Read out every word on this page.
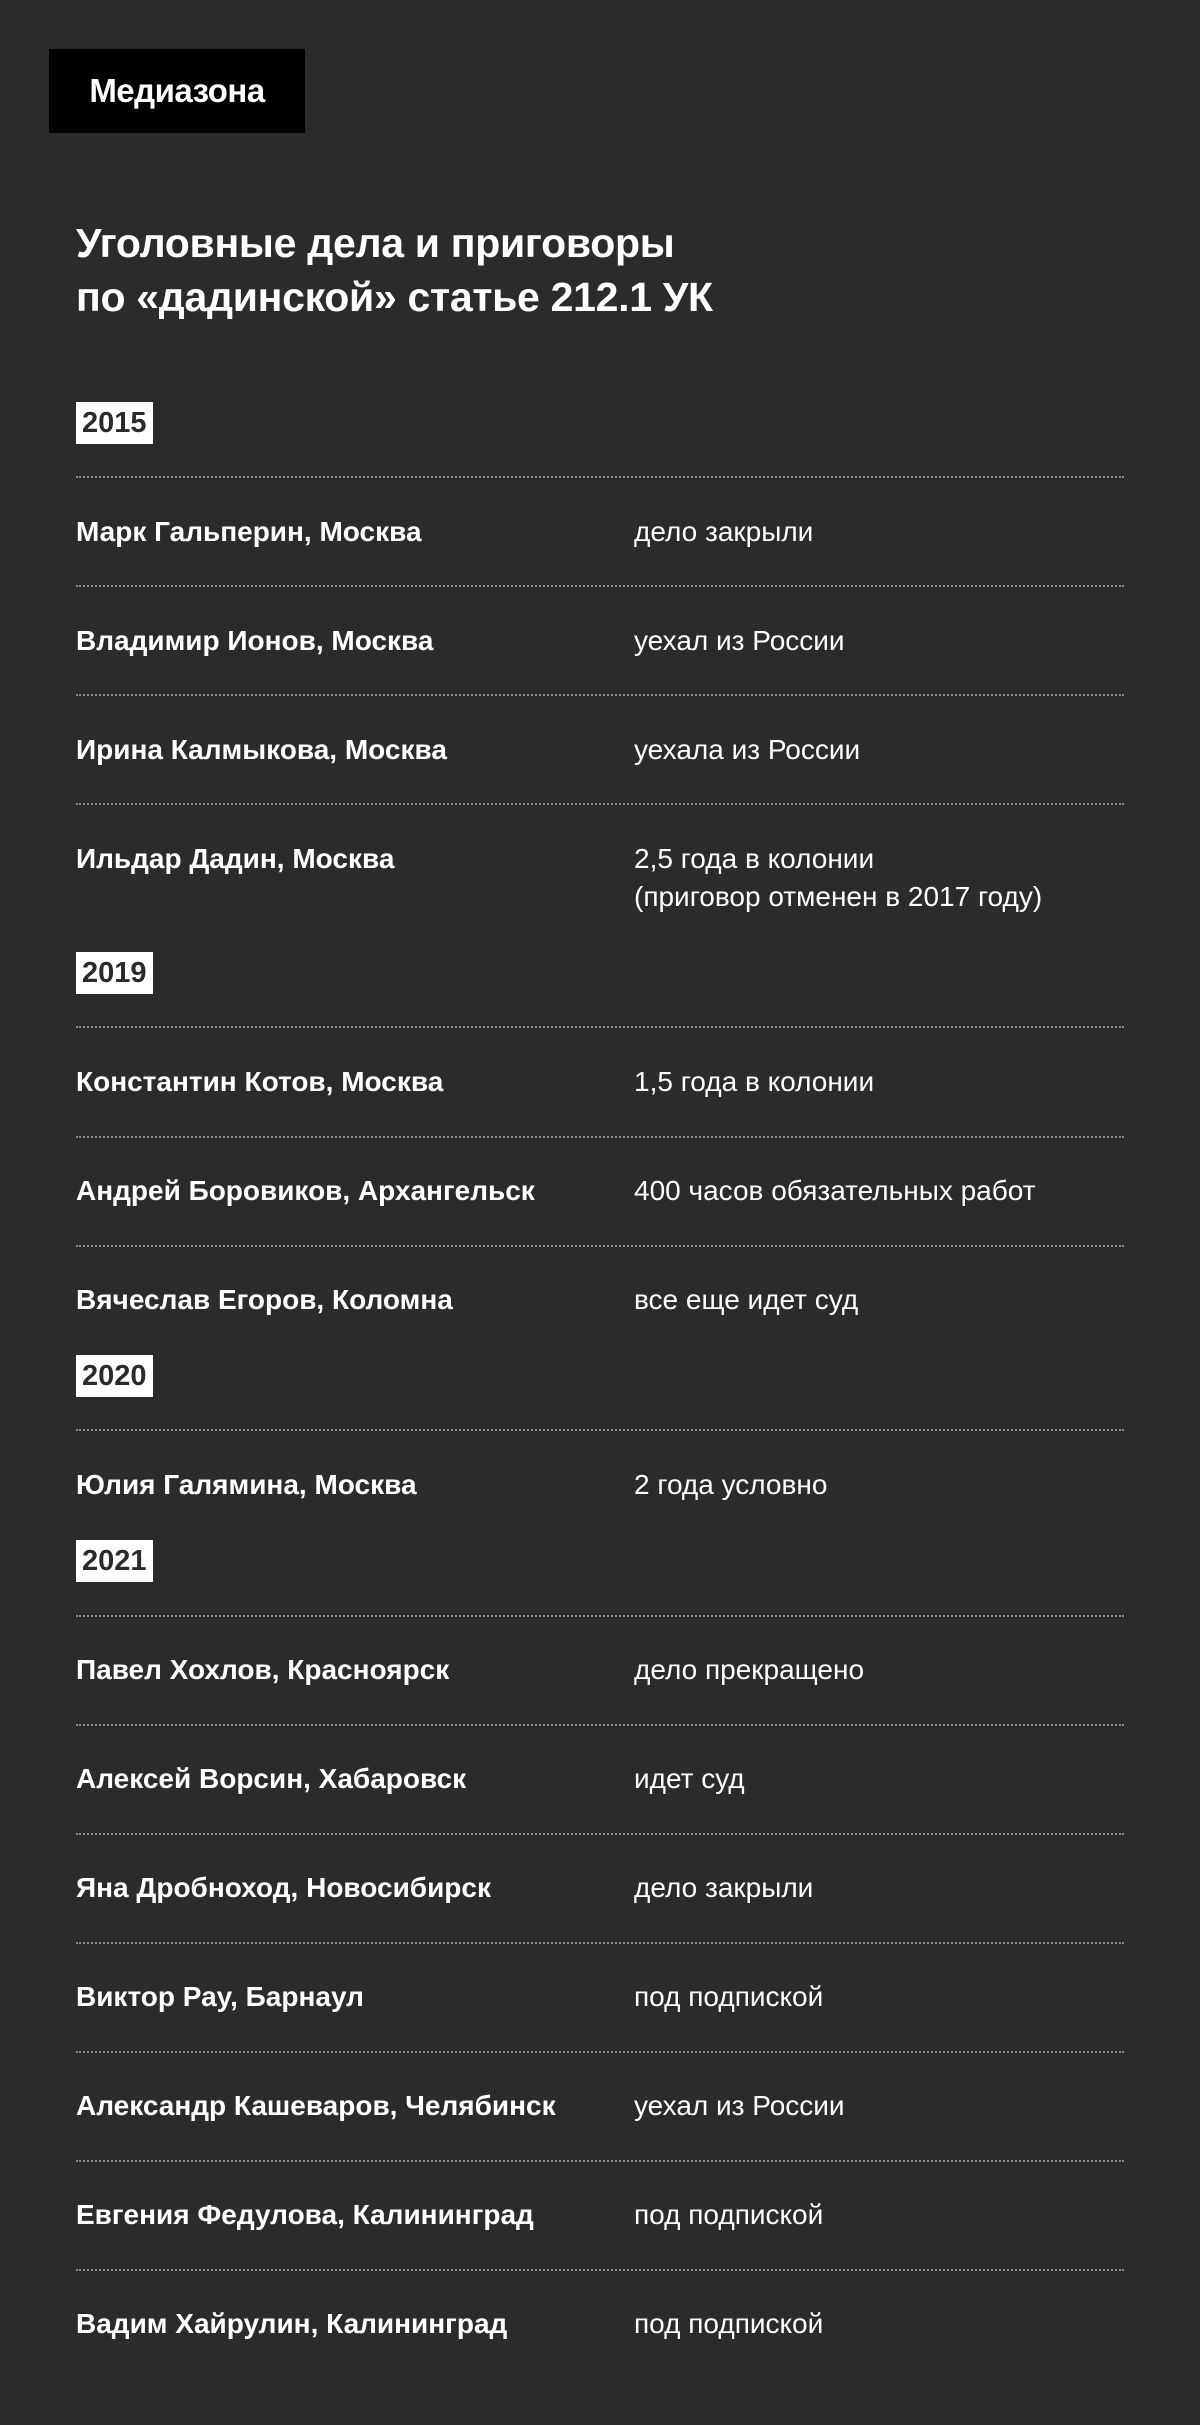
Медиазона
Уголовные дела и приговоры
по «дадинской» статье 212.1 УК
2015
Марк Гальперин, Москва	дело закрыли
Владимир Ионов, Москва	уехал из России
Ирина Калмыкова, Москва	уехала из России
Ильдар Дадин, Москва	2,5 года в колонии
(приговор отменен в 2017 году)
2019
Константин Котов, Москва	1,5 года в колонии
Андрей Боровиков, Архангельск	400 часов обязательных работ
Вячеслав Егоров, Коломна	все еще идет суд
2020
Юлия Галямина, Москва	2 года условно
2021
Павел Хохлов, Красноярск	дело прекращено
Алексей Ворсин, Хабаровск	идет суд
Яна Дробноход, Новосибирск	дело закрыли
Виктор Рау, Барнаул	под подпиской
Александр Кашеваров, Челябинск	уехал из России
Евгения Федулова, Калининград	под подпиской
Вадим Хайрулин, Калининград	под подпиской
